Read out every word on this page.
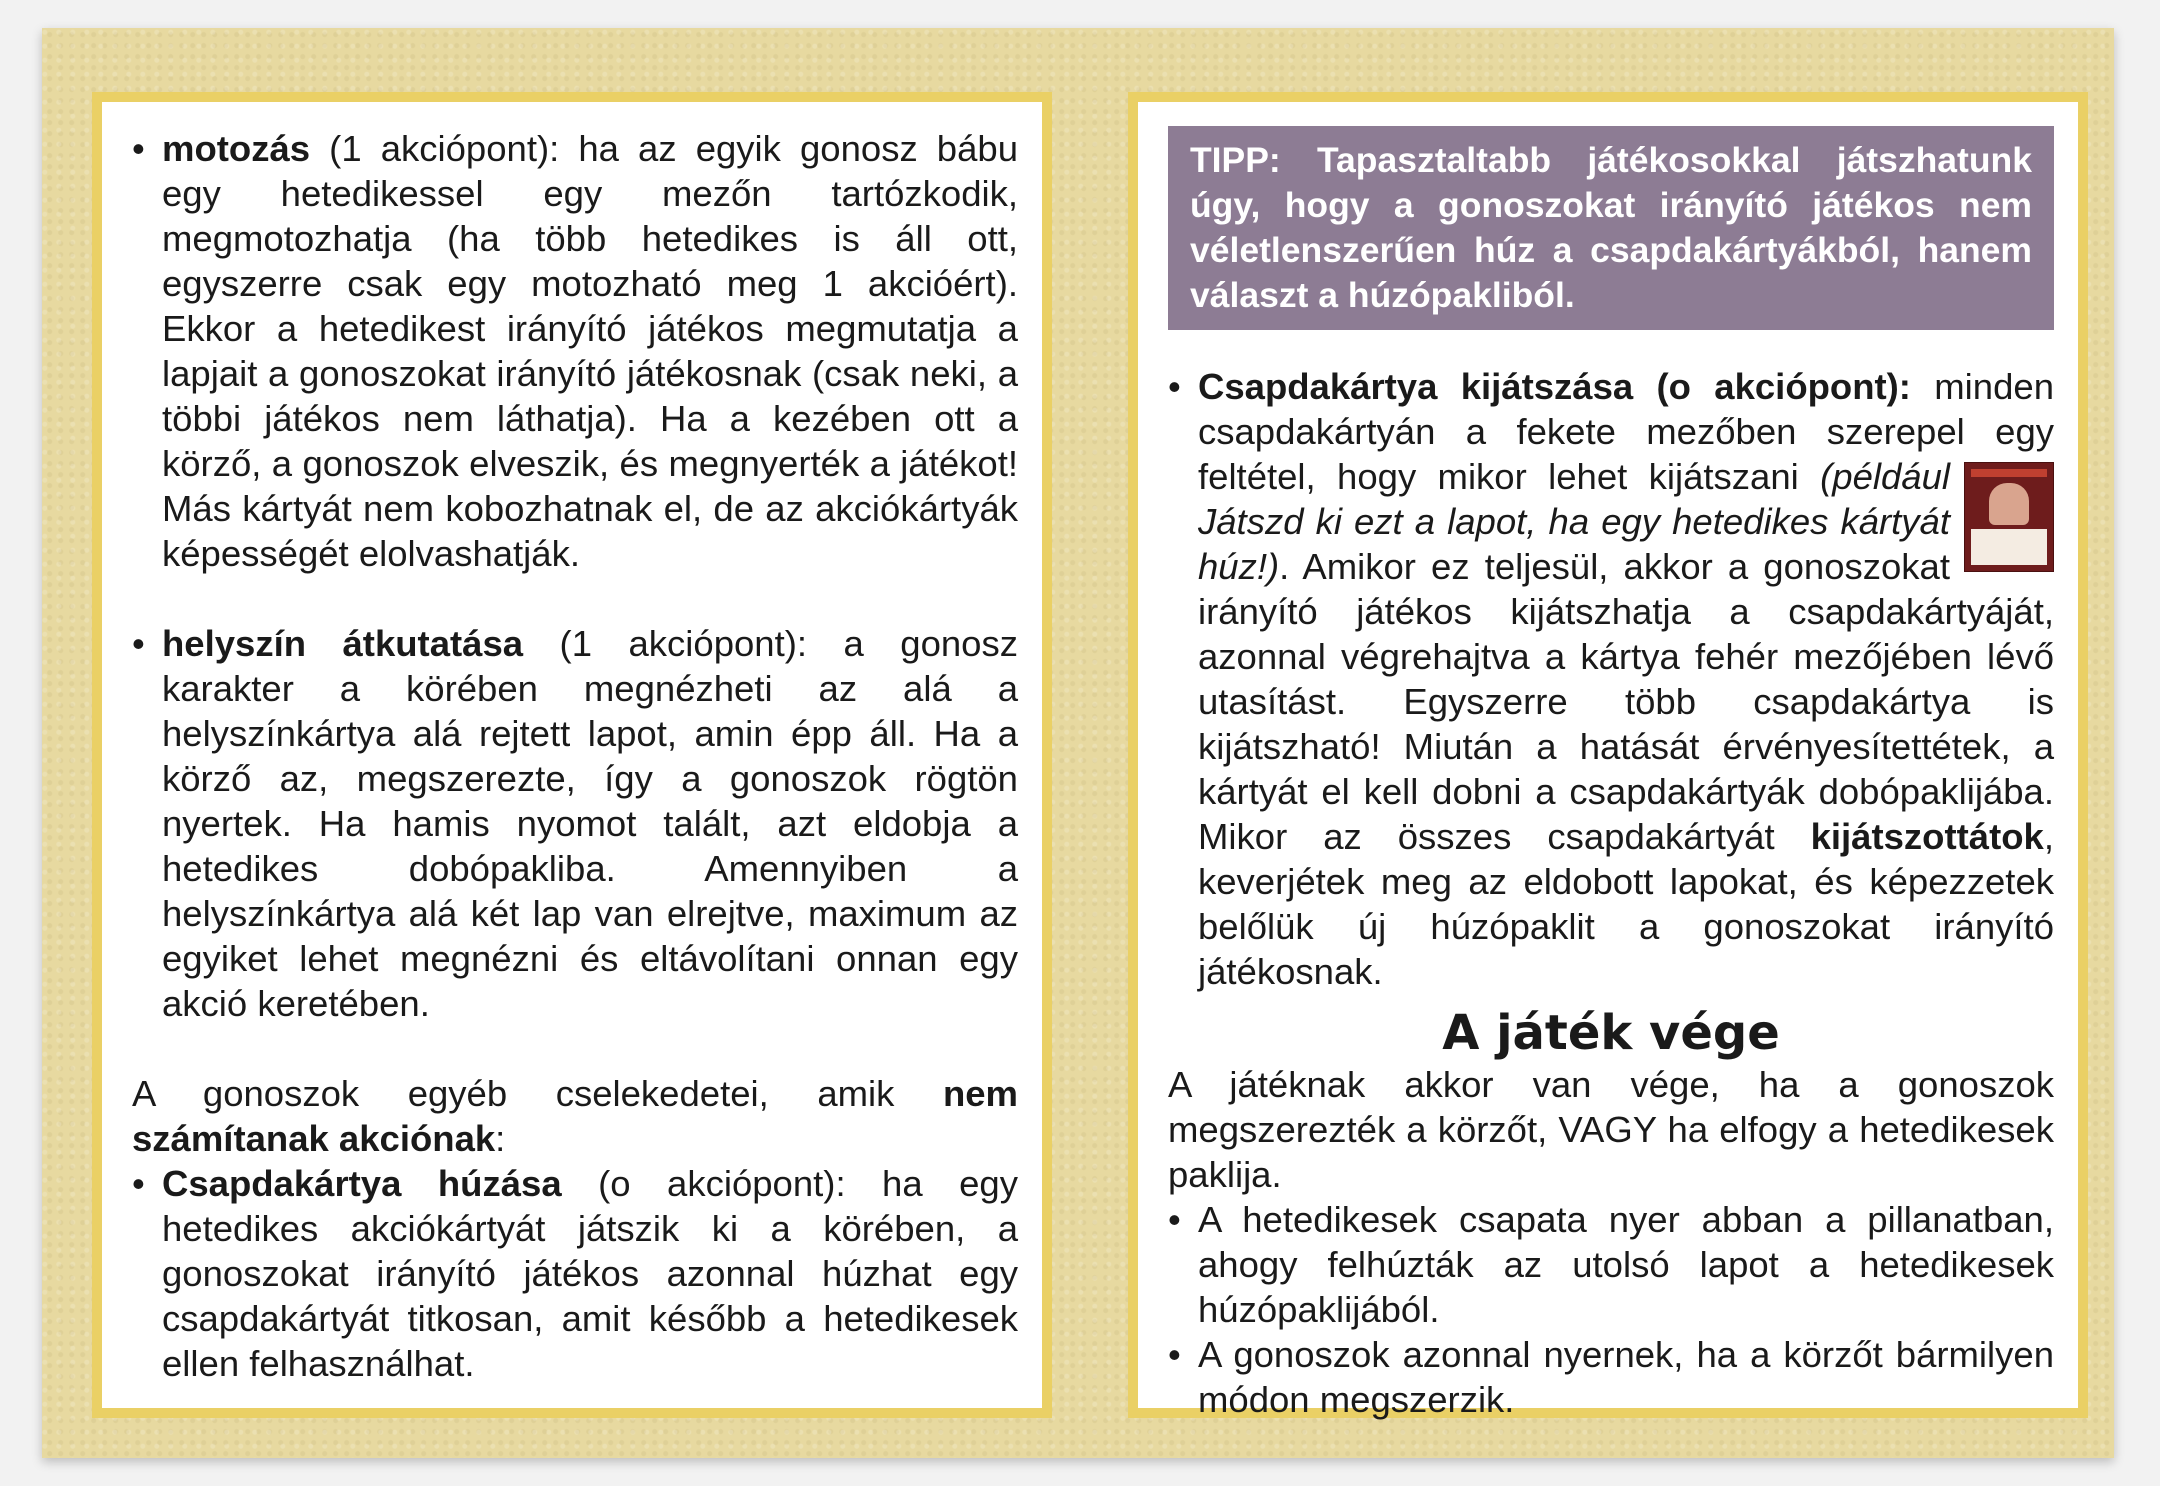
• motozás (1 akciópont): ha az egyik gonosz bábu egy hetedikessel egy mezőn tartózkodik, megmotozhatja (ha több hetedikes is áll ott, egyszerre csak egy motozható meg 1 akcióért). Ekkor a hetedikest irányító játékos megmutatja a lapjait a gonoszokat irányító játékosnak (csak neki, a többi játékos nem láthatja). Ha a kezében ott a körző, a gonoszok elveszik, és megnyerték a játékot! Más kártyát nem kobozhatnak el, de az akciókártyák képességét elolvashatják.
• helyszín átkutatása (1 akciópont): a gonosz karakter a körében megnézheti az alá a helyszínkártya alá rejtett lapot, amin épp áll. Ha a körző az, megszerezte, így a gonoszok rögtön nyertek. Ha hamis nyomot talált, azt eldobja a hetedikes dobópakliba. Amennyiben a helyszínkártya alá két lap van elrejtve, maximum az egyiket lehet megnézni és eltávolítani onnan egy akció keretében.
A gonoszok egyéb cselekedetei, amik nem számítanak akciónak:
• Csapdakártya húzása (o akciópont): ha egy hetedikes akciókártyát játszik ki a körében, a gonoszokat irányító játékos azonnal húzhat egy csapdakártyát titkosan, amit később a hetedikesek ellen felhasználhat.
TIPP: Tapasztaltabb játékosokkal játszhatunk úgy, hogy a gonoszokat irányító játékos nem véletlenszerűen húz a csapdakártyákból, hanem választ a húzópakliból.
• Csapdakártya kijátszása (o akciópont): minden csapdakártyán a fekete mezőben szerepel egy feltétel, hogy mikor lehet kijátszani
(például Játszd ki ezt a lapot, ha egy hetedikes kártyát húz!). Amikor ez teljesül, akkor a gonoszokat irányító játékos kijátszhatja a csapdakártyáját, azonnal végrehajtva a kártya fehér mezőjében lévő utasítást. Egyszerre több csapdakártya is kijátszható! Miután a hatását érvényesítettétek, a kártyát el kell dobni a csapdakártyák dobópaklijába. Mikor az összes csapdakártyát kijátszottátok, keverjétek meg az eldobott lapokat, és képezzetek belőlük új húzópaklit a gonoszokat irányító játékosnak.
A játék vége
A játéknak akkor van vége, ha a gonoszok megszerezték a körzőt, VAGY ha elfogy a hetedikesek paklija.
• A hetedikesek csapata nyer abban a pillanatban, ahogy felhúzták az utolsó lapot a hetedikesek húzópaklijából.
• A gonoszok azonnal nyernek, ha a körzőt bármilyen módon megszerzik.
